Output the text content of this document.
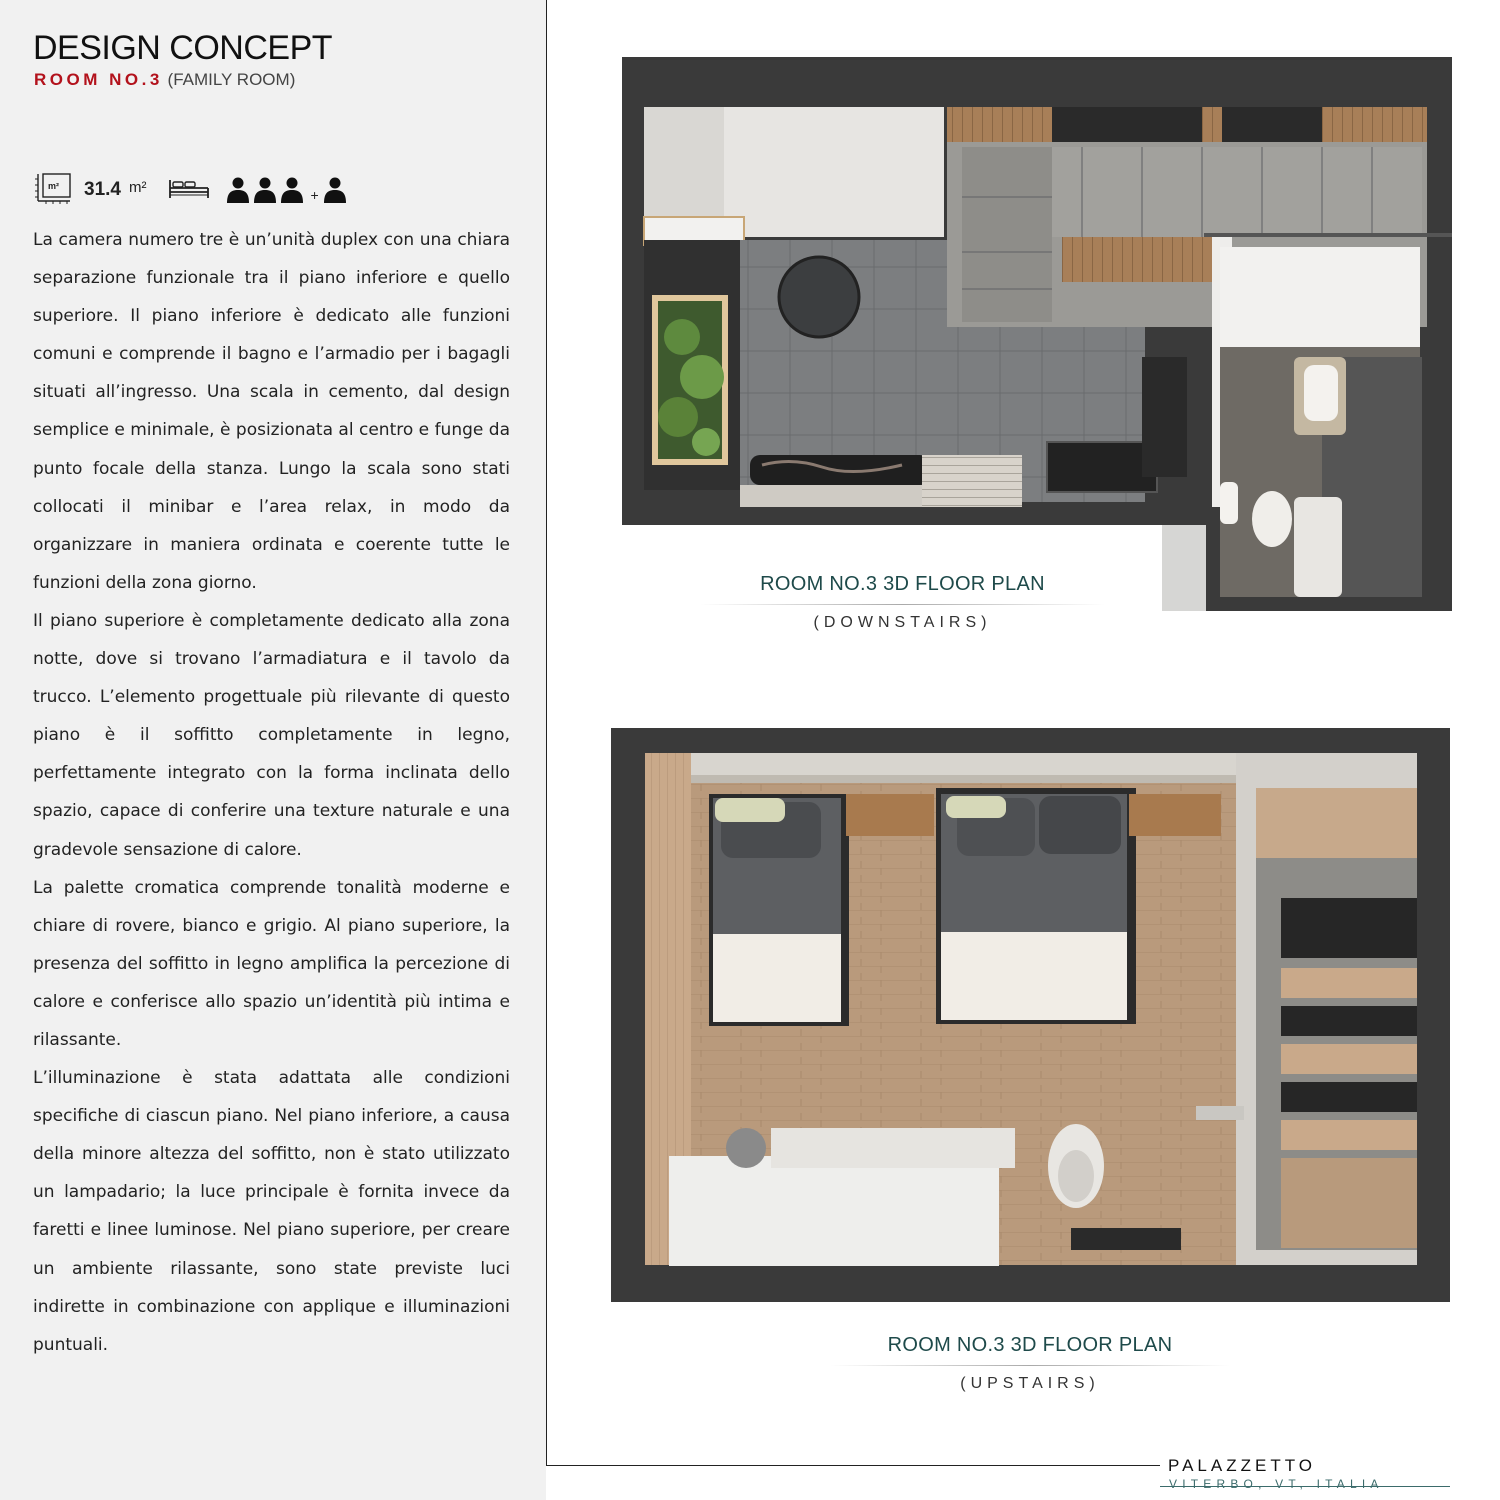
DESIGN CONCEPT
ROOM NO.3 (FAMILY ROOM)
m² 31.4 m²	+

La camera numero tre è un’unità duplex con una chiara separazione funzionale tra il piano inferiore e quello superiore. Il piano inferiore è dedicato alle funzioni comuni e comprende il bagno e l’armadio per i bagagli situati all’ingresso. Una scala in cemento, dal design semplice e minimale, è posizionata al centro e funge da punto focale della stanza. Lungo la scala sono stati collocati il minibar e l’area relax, in modo da organizzare in maniera ordinata e coerente tutte le funzioni della zona giorno.

Il piano superiore è completamente dedicato alla zona notte, dove si trovano l’armadiatura e il tavolo da trucco. L’elemento progettuale più rilevante di questo piano è il soffitto completamente in legno, perfettamente integrato con la forma inclinata dello spazio, capace di conferire una texture naturale e una gradevole sensazione di calore.

La palette cromatica comprende tonalità moderne e chiare di rovere, bianco e grigio. Al piano superiore, la presenza del soffitto in legno amplifica la percezione di calore e conferisce allo spazio un’identità più intima e rilassante.

L’illuminazione è stata adattata alle condizioni specifiche di ciascun piano. Nel piano inferiore, a causa della minore altezza del soffitto, non è stato utilizzato un lampadario; la luce principale è fornita invece da faretti e linee luminose. Nel piano superiore, per creare un ambiente rilassante, sono state previste luci indirette in combinazione con applique e illuminazioni puntuali.

ROOM NO.3 3D FLOOR PLAN
(DOWNSTAIRS)
ROOM NO.3 3D FLOOR PLAN
(UPSTAIRS)
PALAZZETTO
VITERBO, VT, ITALIA
